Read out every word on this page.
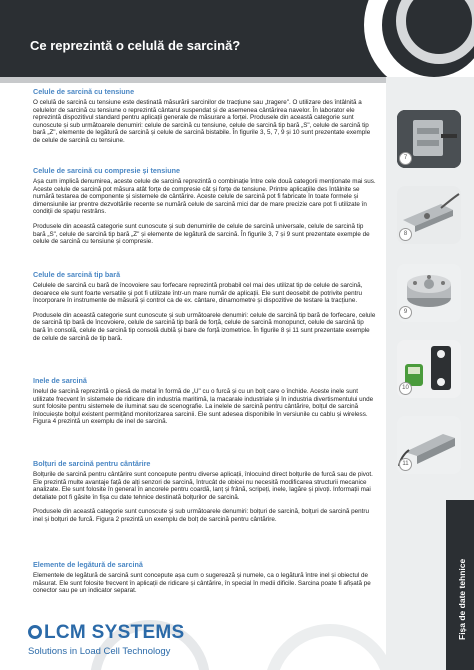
Ce reprezintă o celulă de sarcină?
Celule de sarcină cu tensiune

O celulă de sarcină cu tensiune este destinată măsurării sarcinilor de tracțiune sau „tragere". O utilizare des întâlnită a celulelor de sarcină cu tensiune o reprezintă cântarul suspendat și de asemenea cântărirea navelor. În laborator ele reprezintă dispozitivul standard pentru aplicații generale de măsurare a forței. Produsele din această categorie sunt cunoscute și sub următoarele denumiri: celule de sarcină cu tensiune, celule de sarcină tip bară „S", celule de sarcină tip bară „Z", elemente de legătură de sarcină și celule de sarcină bistabile. În figurile 3, 5, 7, 9 și 10 sunt prezentate exemple de celule de sarcină cu tensiune.

Celule de sarcină cu compresie și tensiune

Așa cum implică denumirea, aceste celule de sarcină reprezintă o combinație între cele două categorii menționate mai sus. Aceste celule de sarcină pot măsura atât forțe de compresie cât și forțe de tensiune. Printre aplicațiile des întâlnite se numără testarea de componente și sistemele de cântărire. Aceste celule de sarcină pot fi fabricate în toate formele și dimensiunile iar prentre dezvoltările recente se numără celule de sarcină mici dar de mare precizie care pot fi utilizate în condiții de spațiu restrâns.

Produsele din această categorie sunt cunoscute și sub denumirile de celule de sarcină universale, celule de sarcină tip bară „S", celule de sarcină tip bară „Z" și elemente de legătură de sarcină. În figurile 3, 7 și 9 sunt prezentate exemple de celule de sarcină cu tensiune și compresie.

Celule de sarcină tip bară

Celulele de sarcină cu bară de încovoiere sau forfecare reprezintă probabil cel mai des utilizat tip de celule de sarcină, deoarece ele sunt foarte versatile și pot fi utilizate într-un mare număr de aplicații. Ele sunt deosebit de potrivite pentru încorporare în instrumente de măsură și control ca de ex. cântare, dinamometre și dispozitive de testare la tracțiune.

Produsele din această categorie sunt cunoscute și sub următoarele denumiri: celule de sarcină tip bară de forfecare, celule de sarcină tip bară de încovoiere, celule de sarcină tip bară de forță, celule de sarcină monopunct, celule de sarcină tip bară în consolă, celule de sarcină tip consolă dublă și bare de forță izometrice. În figurile 8 și 11 sunt prezentate exemple de celule de sarcină de tip bară.

Inele de sarcină

Inelul de sarcină reprezintă o piesă de metal în formă de „U" cu o furcă și cu un bolț care o închide. Aceste inele sunt utilizate frecvent în sistemele de ridicare din industria maritimă, la macarale industriale și în industria divertismentului unde sunt folosite pentru sistemele de iluminat sau de scenografie. La inelele de sarcină pentru cântărire, bolțul de sarcină înlocuiește bolțul existent permițând monitorizarea sarcinii. Ele sunt adesea disponibile în versiunile cu cablu și wireless. Figura 4 prezintă un exemplu de inel de sarcină.

Bolțuri de sarcină pentru cântărire

Bolțurile de sarcină pentru cântărire sunt concepute pentru diverse aplicații, înlocuind direct bolțurile de furcă sau de pivot. Ele prezintă multe avantaje față de alți senzori de sarcină, întrucât de obicei nu necesită modificarea structurii mecanice analizate. Ele sunt folosite în general în ancorele pentru coardă, lanț și frână, scripeți, inele, lagăre și pivoți. Informații mai detaliate pot fi găsite în fișa cu date tehnice destinată bolțurilor de sarcină.

Produsele din această categorie sunt cunoscute și sub următoarele denumiri: bolțuri de sarcină, bolțuri de sarcină pentru inel și bolțuri de furcă. Figura 2 prezintă un exemplu de bolț de sarcină pentru cântărire.

Elemente de legătură de sarcină

Elementele de legătură de sarcină sunt concepute așa cum o sugerează și numele, ca o legătură între inel și obiectul de măsurat. Ele sunt folosite frecvent în aplicații de ridicare și cântărire, în special în medii dificile. Sarcina poate fi afișată pe conector sau pe un indicator separat.

7
8
9
10
11
Fișa de date tehnice
LCM SYSTEMS
Solutions in Load Cell Technology
